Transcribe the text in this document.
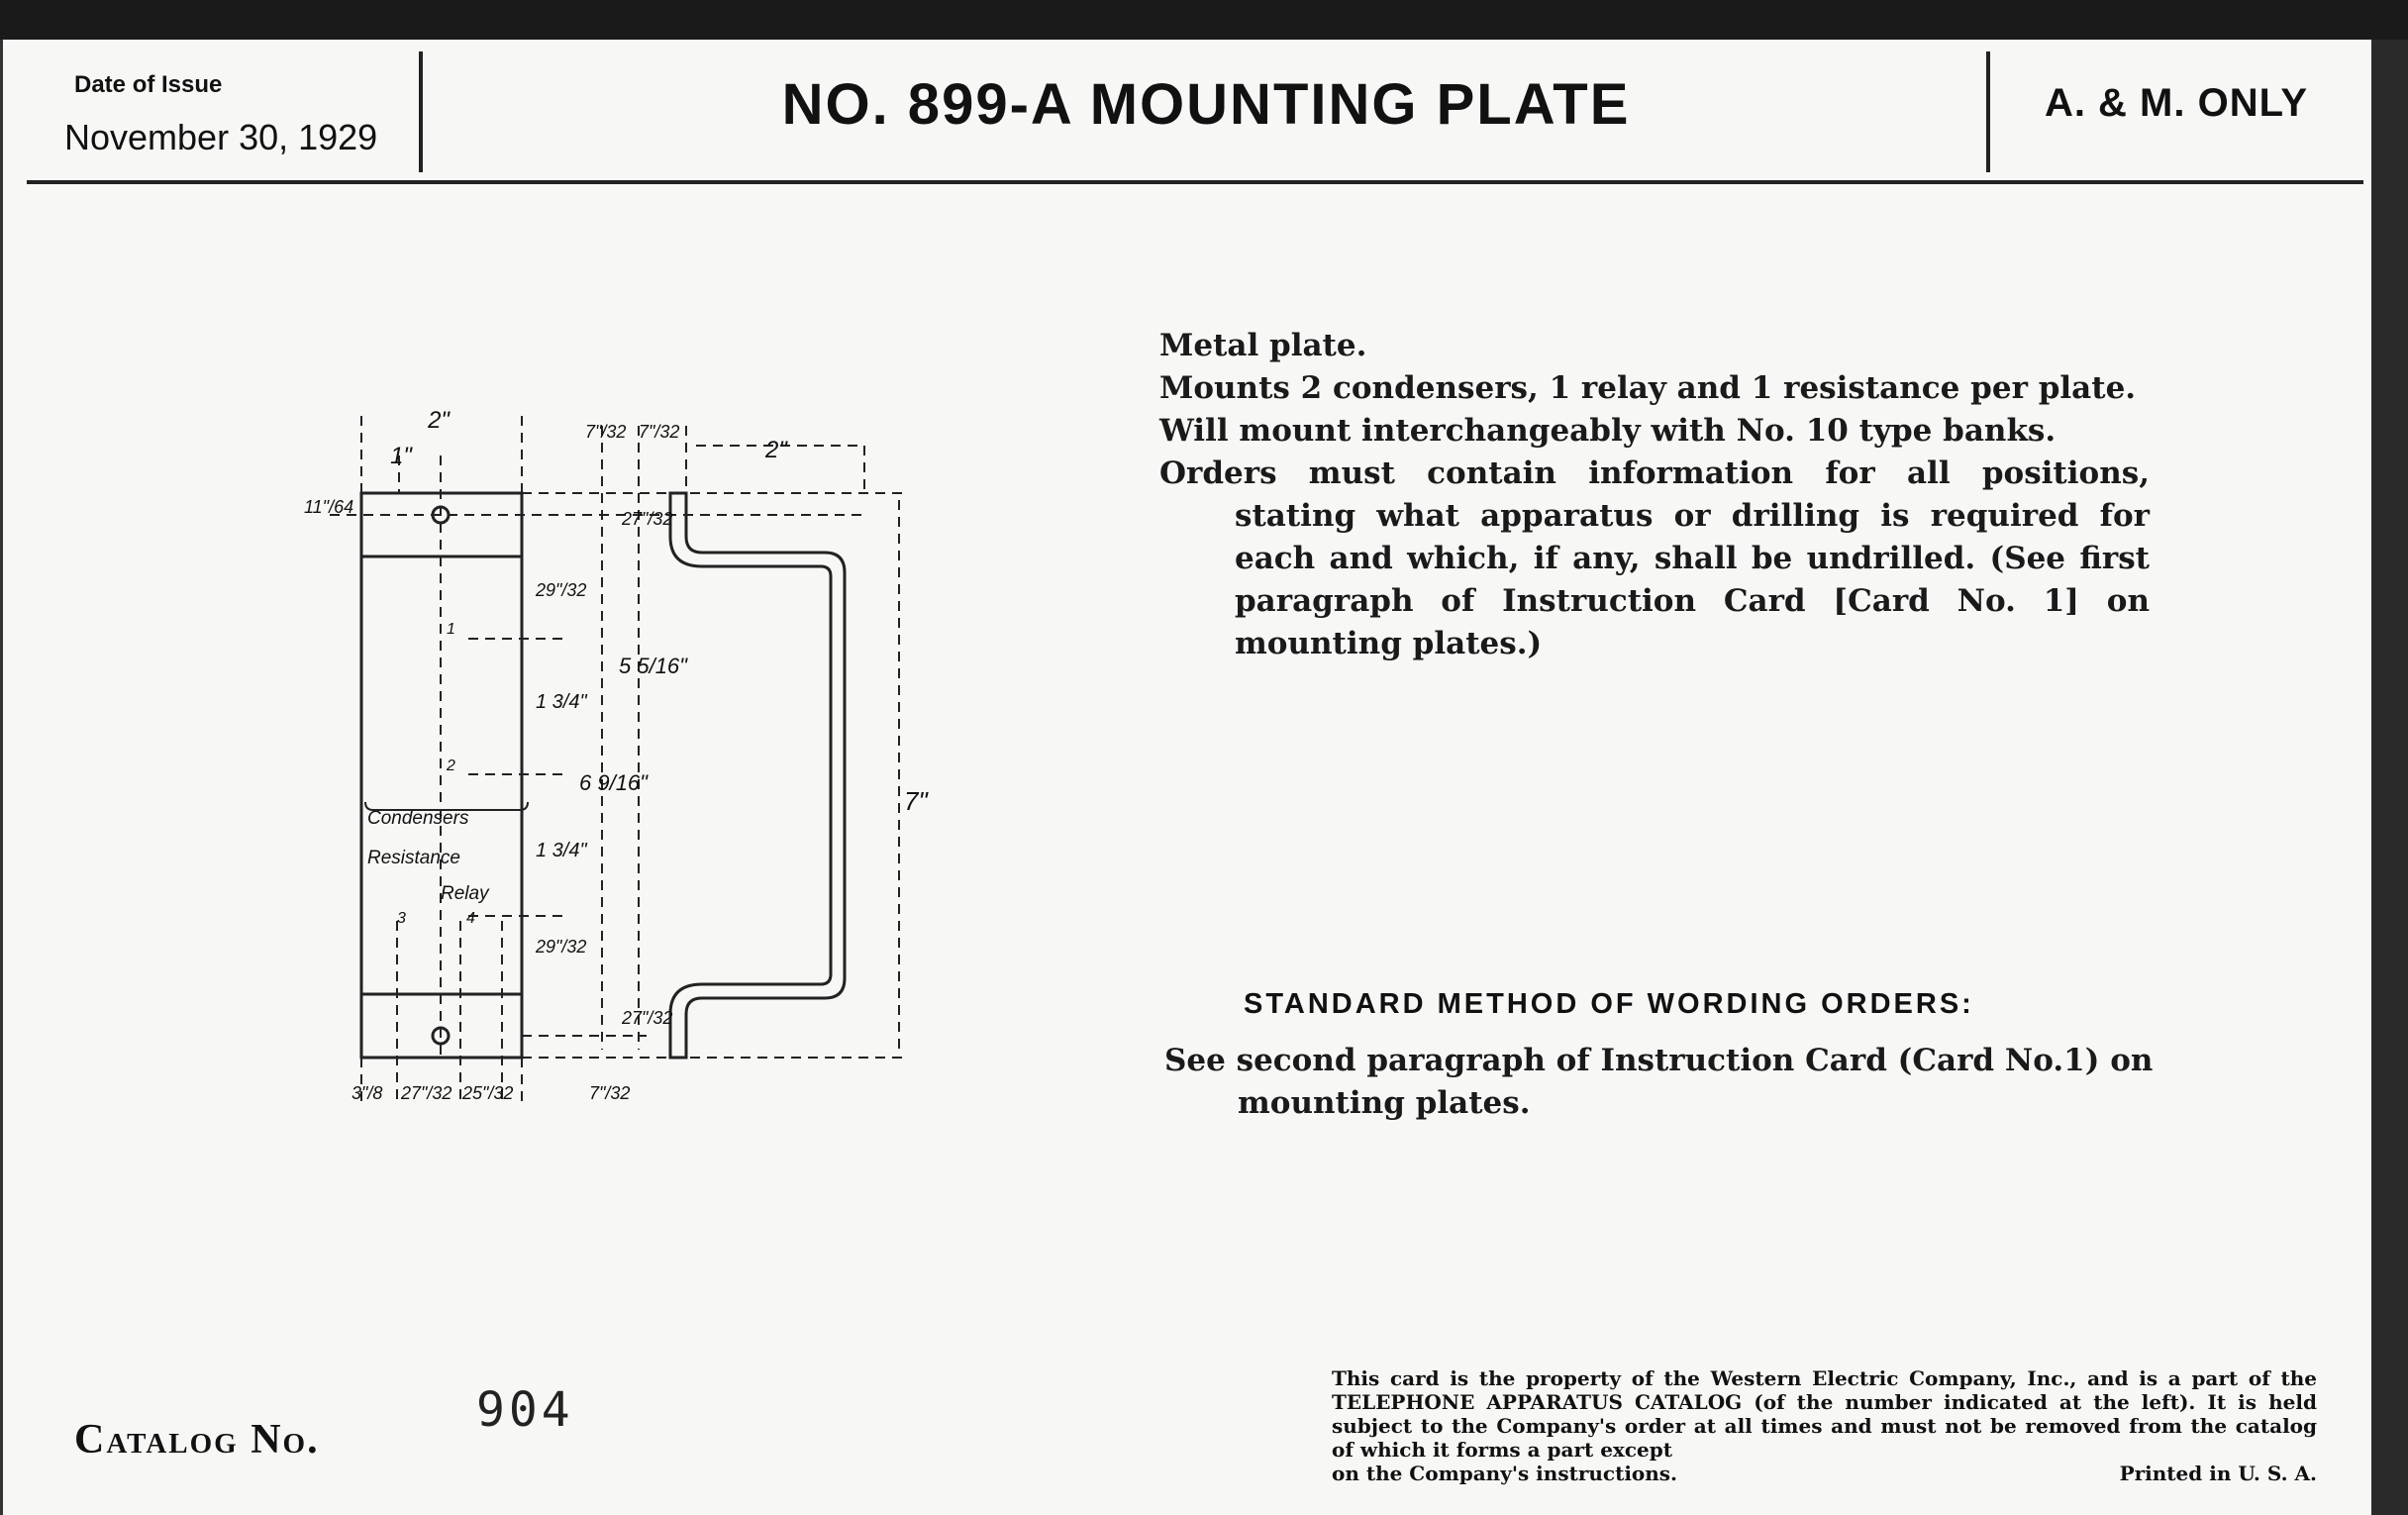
Date of Issue
November 30, 1929
NO. 899-A MOUNTING PLATE	A. & M. ONLY
2"
1"
11"/64
7"/32 7"/32
2"
27"/32
29"/32
1 3/4"
5 5/16"
6 9/16"
1 3/4"
29"/32
27"/32
7"
7"/32
3"/8 27"/32 25"/32
Condensers
Resistance
Relay
1
2
3	4

Metal plate.

Mounts 2 condensers, 1 relay and 1 resistance per plate.

Will mount interchangeably with No. 10 type banks.

Orders must contain information for all positions, stating what apparatus or drilling is required for each and which, if any, shall be undrilled. (See first paragraph of Instruction Card [Card No. 1] on mounting plates.)

STANDARD METHOD OF WORDING ORDERS:
See second paragraph of Instruction Card (Card No.1) on mounting plates.
Catalog No.
904
This card is the property of the Western Electric Company, Inc., and is a part of the TELEPHONE APPARATUS CATALOG (of the number indicated at the left). It is held subject to the Company's order at all times and must not be removed from the catalog of which it forms a part except
on the Company's instructions.	Printed in U. S. A.
